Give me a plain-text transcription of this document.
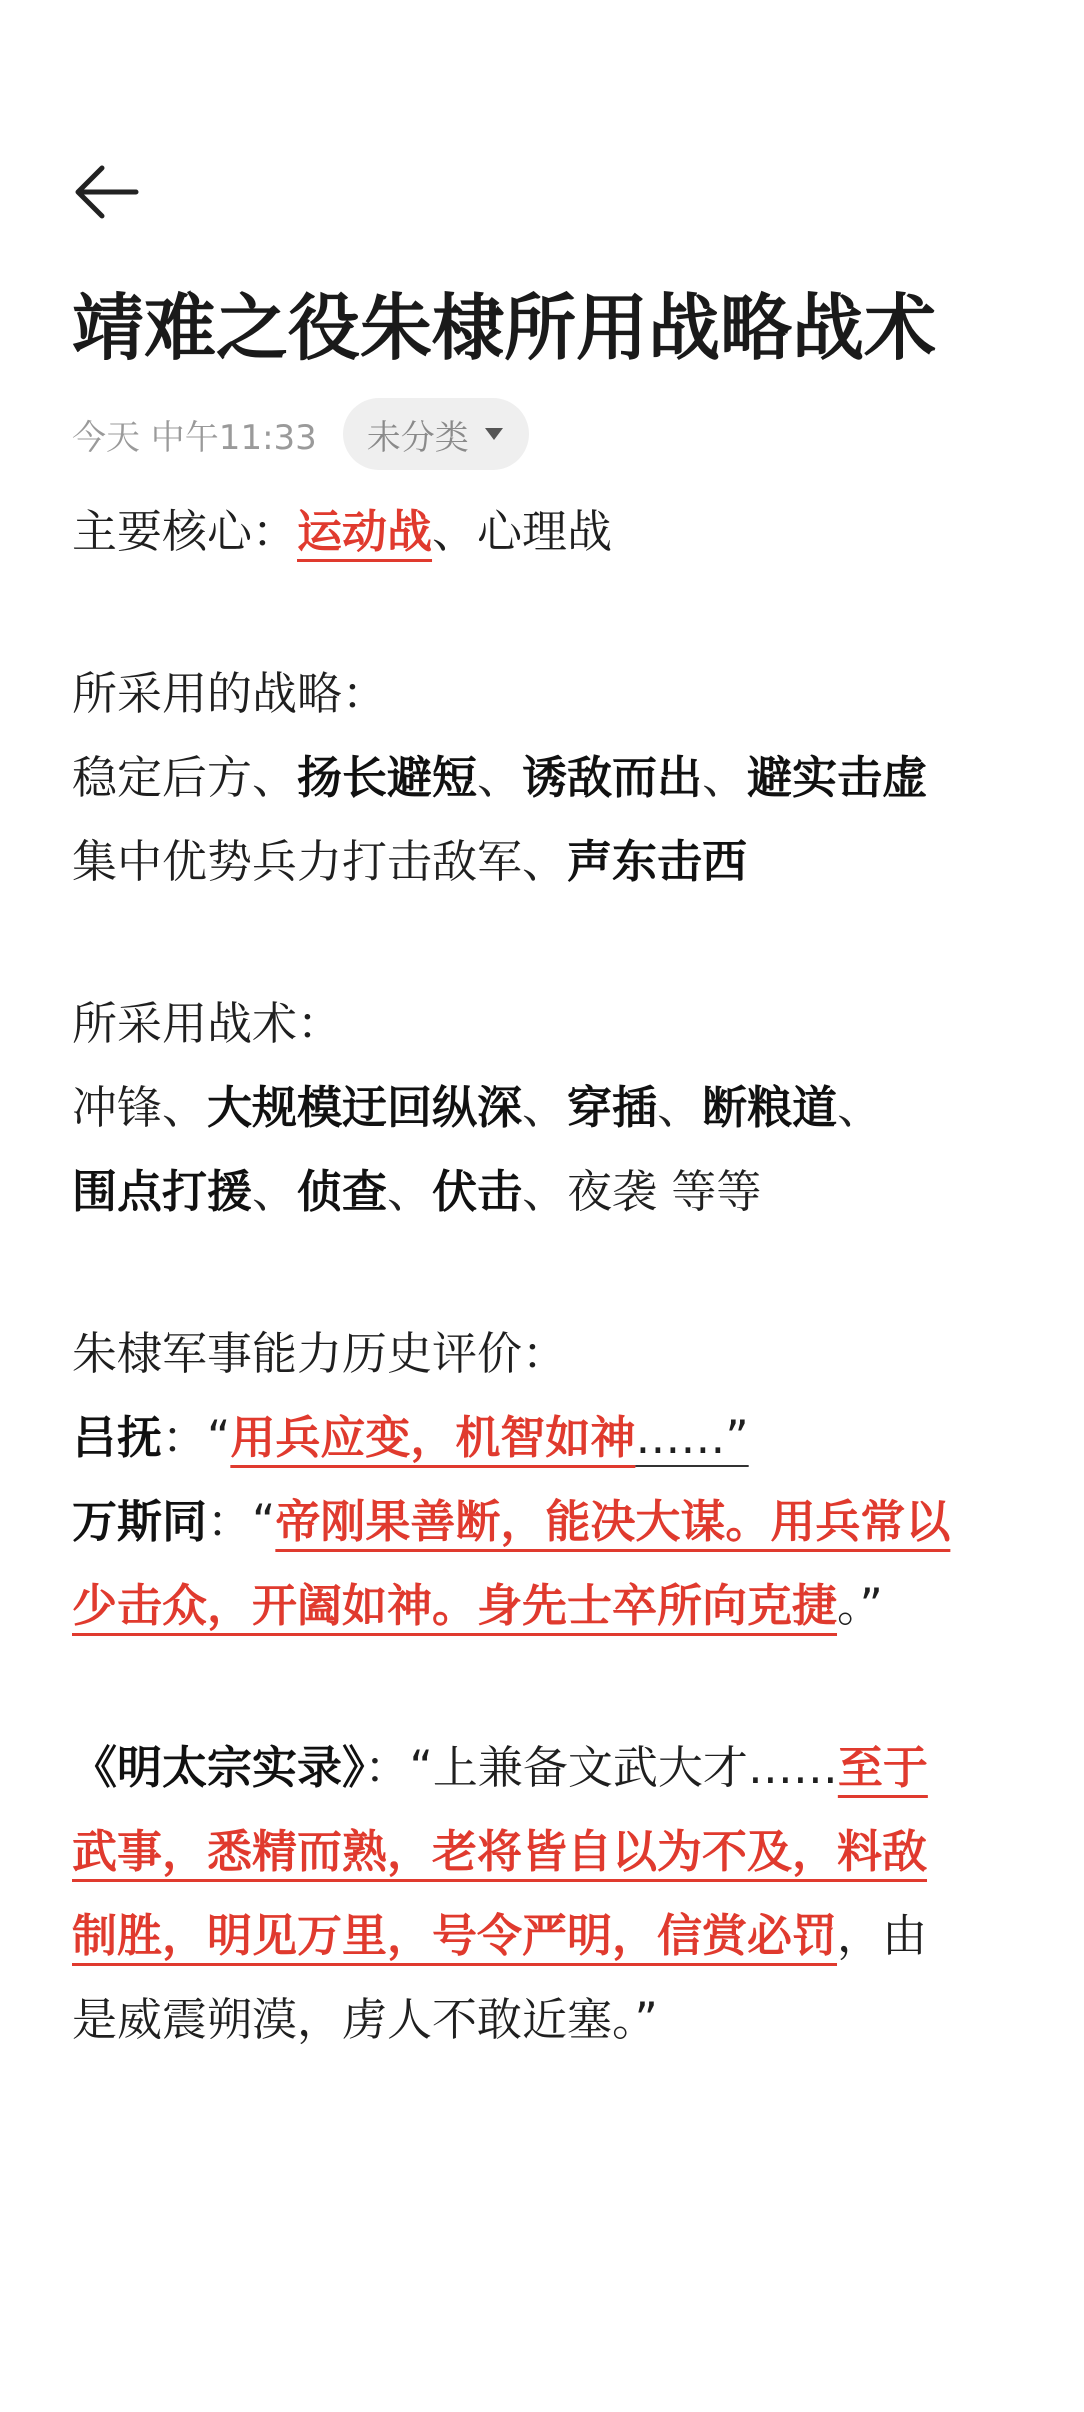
靖难之役朱棣所用战略战术
今天 中午11:33 未分类
主要核心：运动战、心理战
所采用的战略：
稳定后方、扬长避短、诱敌而出、避实击虚
集中优势兵力打击敌军、声东击西
所采用战术：
冲锋、大规模迂回纵深、穿插、断粮道、
围点打援、侦查、伏击、夜袭 等等
朱棣军事能力历史评价：
吕抚：“用兵应变，机智如神……”
万斯同：“帝刚果善断，能决大谋。用兵常以
少击众，开阖如神。身先士卒所向克捷。”
《明太宗实录》：“上兼备文武大才……至于
武事，悉精而熟，老将皆自以为不及，料敌
制胜，明见万里，号令严明，信赏必罚，由
是威震朔漠，虏人不敢近塞。”
